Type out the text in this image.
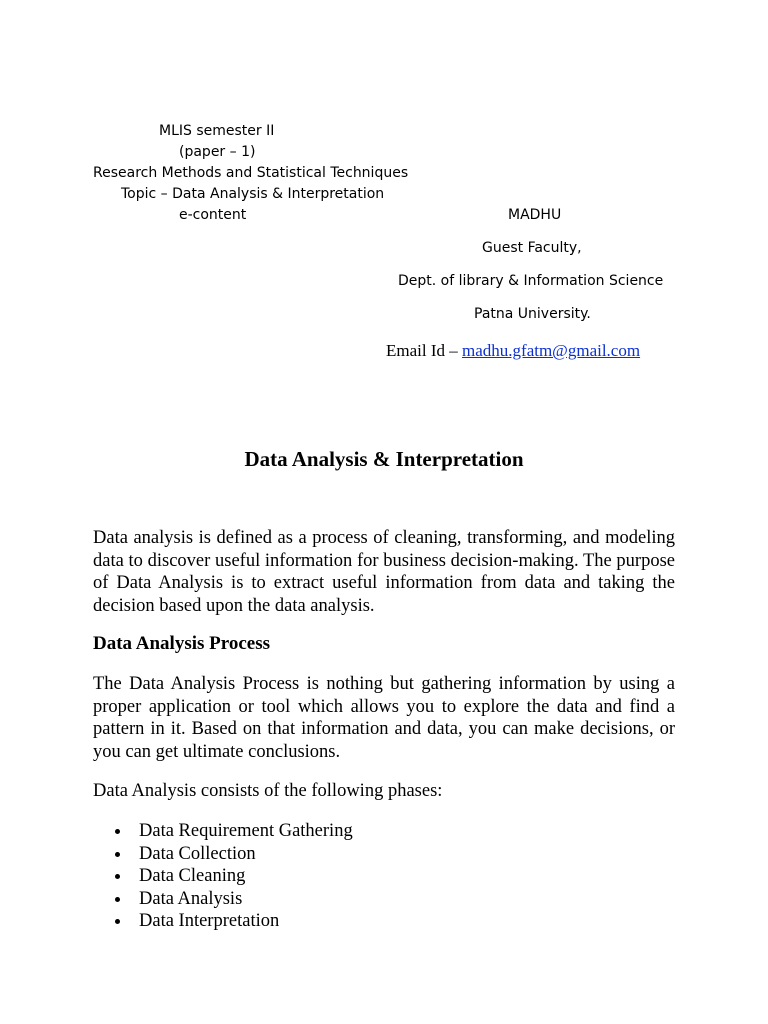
MLIS semester II
(paper – 1)
Research Methods and Statistical Techniques
Topic – Data Analysis & Interpretation
e-content	MADHU
Guest Faculty,
Dept. of library & Information Science
Patna University.
Email Id – madhu.gfatm@gmail.com
Data Analysis & Interpretation

Data analysis is defined as a process of cleaning, transforming, and modeling data to discover useful information for business decision-making. The purpose of Data Analysis is to extract useful information from data and taking the decision based upon the data analysis.

Data Analysis Process

The Data Analysis Process is nothing but gathering information by using a proper application or tool which allows you to explore the data and find a pattern in it. Based on that information and data, you can make decisions, or you can get ultimate conclusions.

Data Analysis consists of the following phases:

Data Requirement Gathering
Data Collection
Data Cleaning
Data Analysis
Data Interpretation
